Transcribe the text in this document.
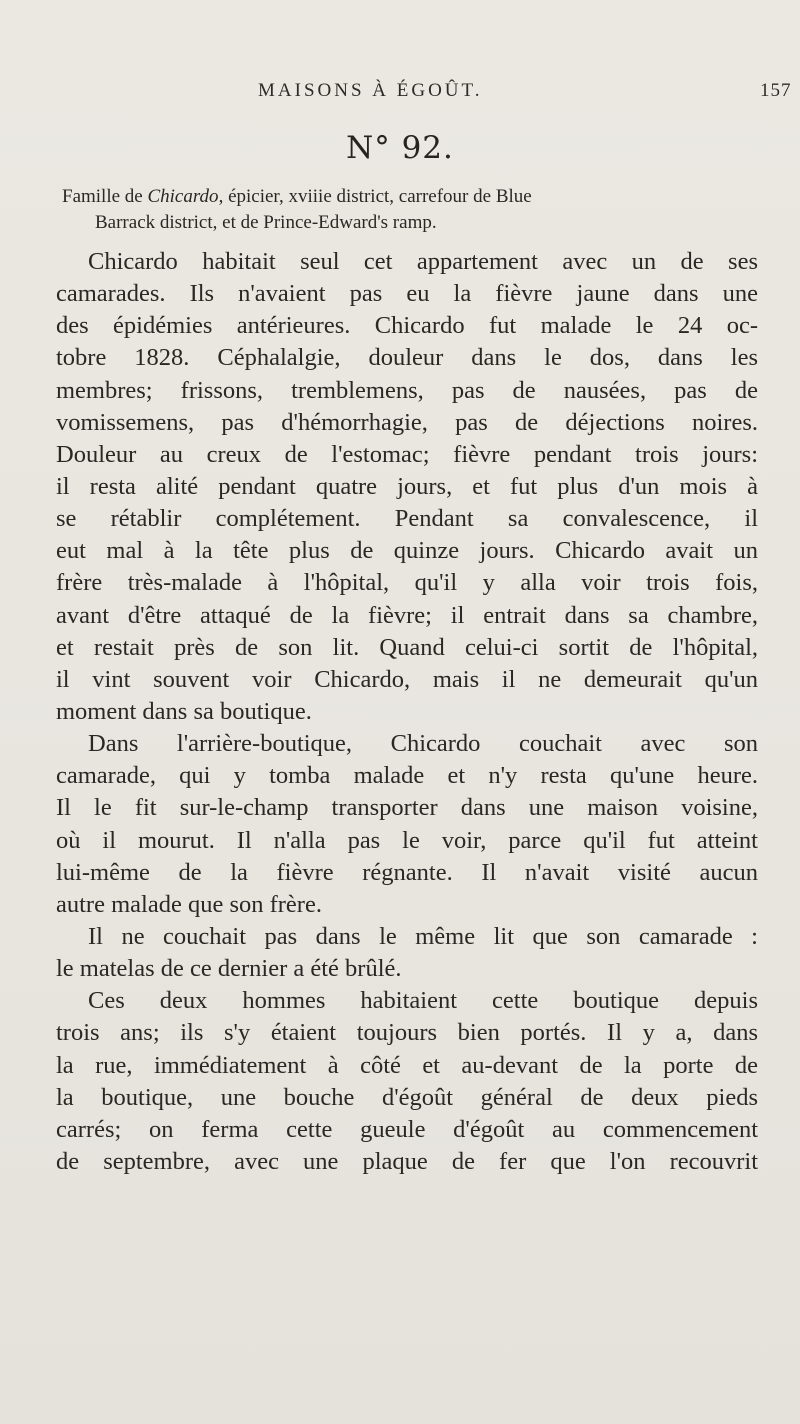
MAISONS À ÉGOÛT.	157
N° 92.
Famille de Chicardo, épicier, xviiie district, carrefour de Blue
Barrack district, et de Prince-Edward's ramp.
Chicardo habitait seul cet appartement avec un de ses
camarades. Ils n'avaient pas eu la fièvre jaune dans une
des épidémies antérieures. Chicardo fut malade le 24 oc-
tobre 1828. Céphalalgie, douleur dans le dos, dans les
membres; frissons, tremblemens, pas de nausées, pas de
vomissemens, pas d'hémorrhagie, pas de déjections noires.
Douleur au creux de l'estomac; fièvre pendant trois jours:
il resta alité pendant quatre jours, et fut plus d'un mois à
se rétablir complétement. Pendant sa convalescence, il
eut mal à la tête plus de quinze jours. Chicardo avait un
frère très-malade à l'hôpital, qu'il y alla voir trois fois,
avant d'être attaqué de la fièvre; il entrait dans sa chambre,
et restait près de son lit. Quand celui-ci sortit de l'hôpital,
il vint souvent voir Chicardo, mais il ne demeurait qu'un
moment dans sa boutique.
Dans l'arrière-boutique, Chicardo couchait avec son
camarade, qui y tomba malade et n'y resta qu'une heure.
Il le fit sur-le-champ transporter dans une maison voisine,
où il mourut. Il n'alla pas le voir, parce qu'il fut atteint
lui-même de la fièvre régnante. Il n'avait visité aucun
autre malade que son frère.
Il ne couchait pas dans le même lit que son camarade :
le matelas de ce dernier a été brûlé.
Ces deux hommes habitaient cette boutique depuis
trois ans; ils s'y étaient toujours bien portés. Il y a, dans
la rue, immédiatement à côté et au-devant de la porte de
la boutique, une bouche d'égoût général de deux pieds
carrés; on ferma cette gueule d'égoût au commencement
de septembre, avec une plaque de fer que l'on recouvrit
